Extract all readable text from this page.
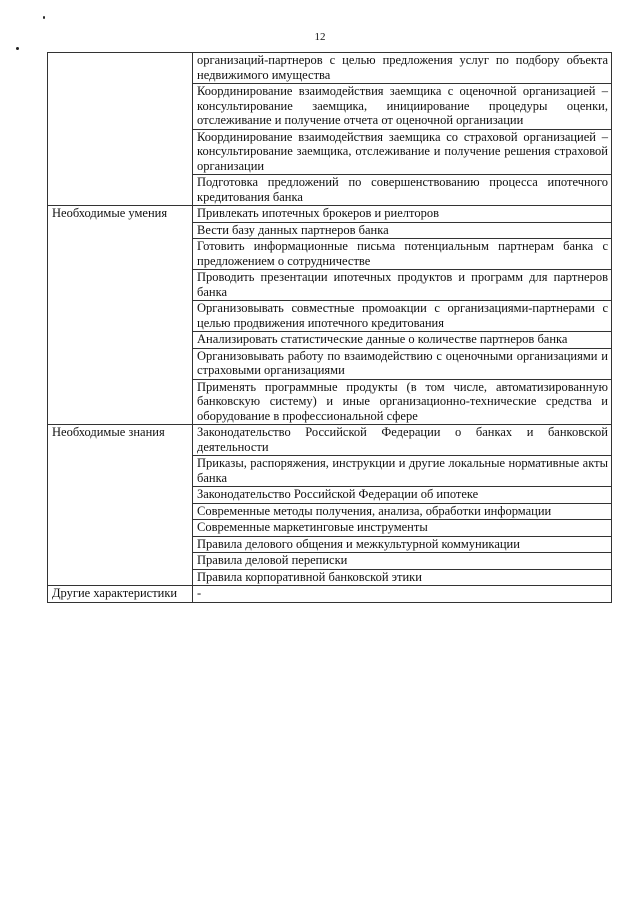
12
	организаций-партнеров с целью предложения услуг по подбору объекта недвижимого имущества
	Координирование взаимодействия заемщика с оценочной организацией – консультирование заемщика, инициирование процедуры оценки, отслеживание и получение отчета от оценочной организации
	Координирование взаимодействия заемщика со страховой организацией – консультирование заемщика, отслеживание и получение решения страховой организации
	Подготовка предложений по совершенствованию процесса ипотечного кредитования банка
Необходимые умения	Привлекать ипотечных брокеров и риелторов
	Вести базу данных партнеров банка
	Готовить информационные письма потенциальным партнерам банка с предложением о сотрудничестве
	Проводить презентации ипотечных продуктов и программ для партнеров банка
	Организовывать совместные промоакции с организациями-партнерами с целью продвижения ипотечного кредитования
	Анализировать статистические данные о количестве партнеров банка
	Организовывать работу по взаимодействию с оценочными организациями и страховыми организациями
	Применять программные продукты (в том числе, автоматизированную банковскую систему) и иные организационно-технические средства и оборудование в профессиональной сфере
Необходимые знания	Законодательство Российской Федерации о банках и банковской деятельности
	Приказы, распоряжения, инструкции и другие локальные нормативные акты банка
	Законодательство Российской Федерации об ипотеке
	Современные методы получения, анализа, обработки информации
	Современные маркетинговые инструменты
	Правила делового общения и межкультурной коммуникации
	Правила деловой переписки
	Правила корпоративной банковской этики
Другие характеристики	-
